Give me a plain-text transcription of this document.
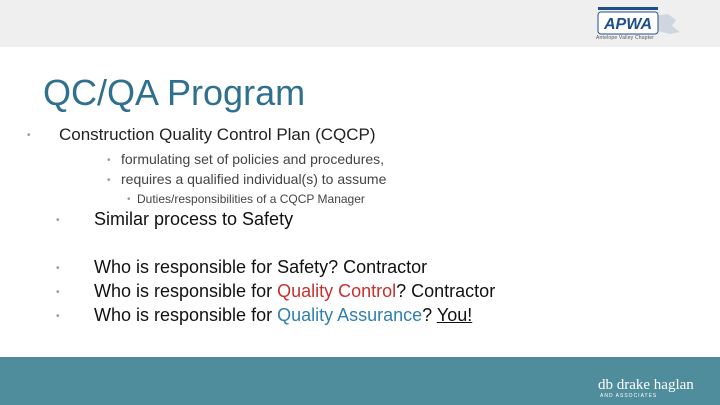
APWA
Antelope Valley Chapter
QC/QA Program
• Construction Quality Control Plan (CQCP)
• formulating set of policies and procedures,
• requires a qualified individual(s) to assume
• Duties/responsibilities of a CQCP Manager
• Similar process to Safety
• Who is responsible for Safety? Contractor
• Who is responsible for Quality Control? Contractor
• Who is responsible for Quality Assurance? You!
db drake haglan
AND ASSOCIATES
